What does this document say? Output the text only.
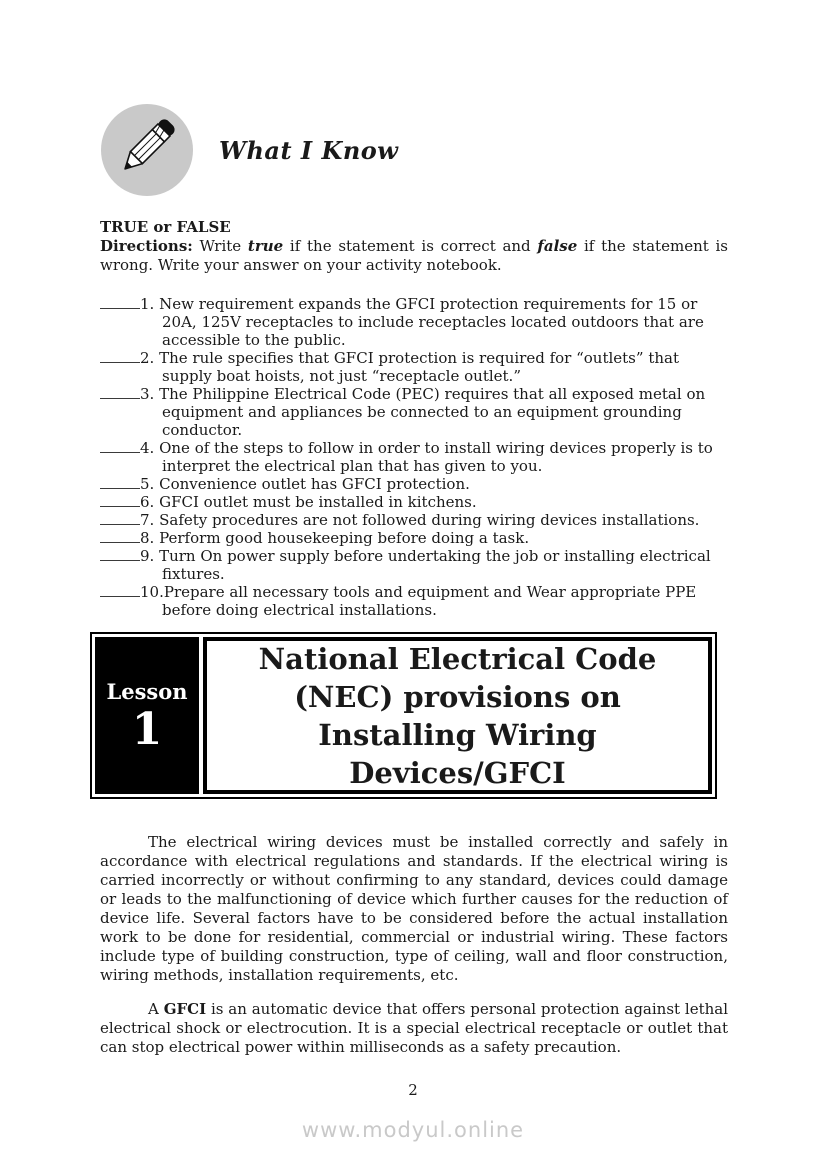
What I Know
TRUE or FALSE
Directions: Write true if the statement is correct and false if the statement is wrong. Write your answer on your activity notebook.
1. New requirement expands the GFCI protection requirements for 15 or 20A, 125V receptacles to include receptacles located outdoors that are accessible to the public.
2. The rule specifies that GFCI protection is required for “outlets” that supply boat hoists, not just “receptacle outlet.”
3. The Philippine Electrical Code (PEC) requires that all exposed metal on equipment and appliances be connected to an equipment grounding conductor.
4. One of the steps to follow in order to install wiring devices properly is to interpret the electrical plan that has given to you.
5. Convenience outlet has GFCI protection.
6. GFCI outlet must be installed in kitchens.
7. Safety procedures are not followed during wiring devices installations.
8. Perform good housekeeping before doing a task.
9. Turn On power supply before undertaking the job or installing electrical fixtures.
10.Prepare all necessary tools and equipment and Wear appropriate PPE before doing electrical installations.
Lesson
1
National Electrical Code
(NEC) provisions on
Installing Wiring
Devices/GFCI
The electrical wiring devices must be installed correctly and safely in accordance with electrical regulations and standards. If the electrical wiring is carried incorrectly or without confirming to any standard, devices could damage or leads to the malfunctioning of device which further causes for the reduction of device life. Several factors have to be considered before the actual installation work to be done for residential, commercial or industrial wiring. These factors include type of building construction, type of ceiling, wall and floor construction, wiring methods, installation requirements, etc.
A GFCI is an automatic device that offers personal protection against lethal electrical shock or electrocution. It is a special electrical receptacle or outlet that can stop electrical power within milliseconds as a safety precaution.
2
www.modyul.online
